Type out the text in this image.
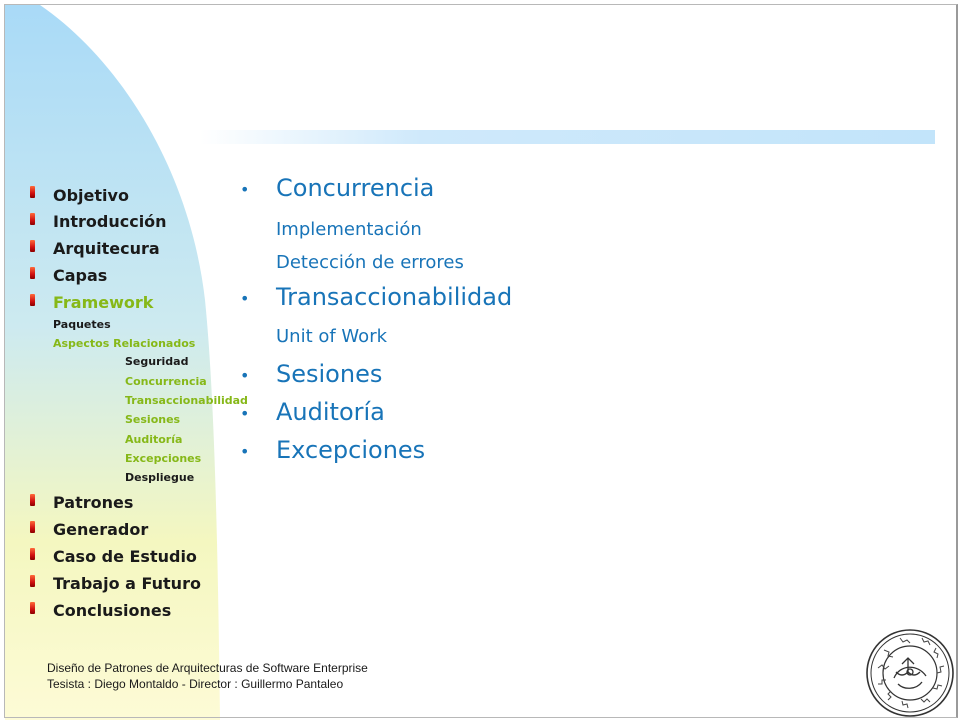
Objetivo
Introducción
Arquitecura
Capas
Framework
Paquetes
Aspectos Relacionados
Seguridad
Concurrencia
Transaccionabilidad
Sesiones
Auditoría
Excepciones
Despliegue
Patrones
Generador
Caso de Estudio
Trabajo a Futuro
Conclusiones
• Concurrencia
Implementación
Detección de errores
• Transaccionabilidad
Unit of Work
• Sesiones
• Auditoría
• Excepciones
Diseño de Patrones de Arquitecturas de Software Enterprise
Tesista : Diego Montaldo - Director : Guillermo Pantaleo
